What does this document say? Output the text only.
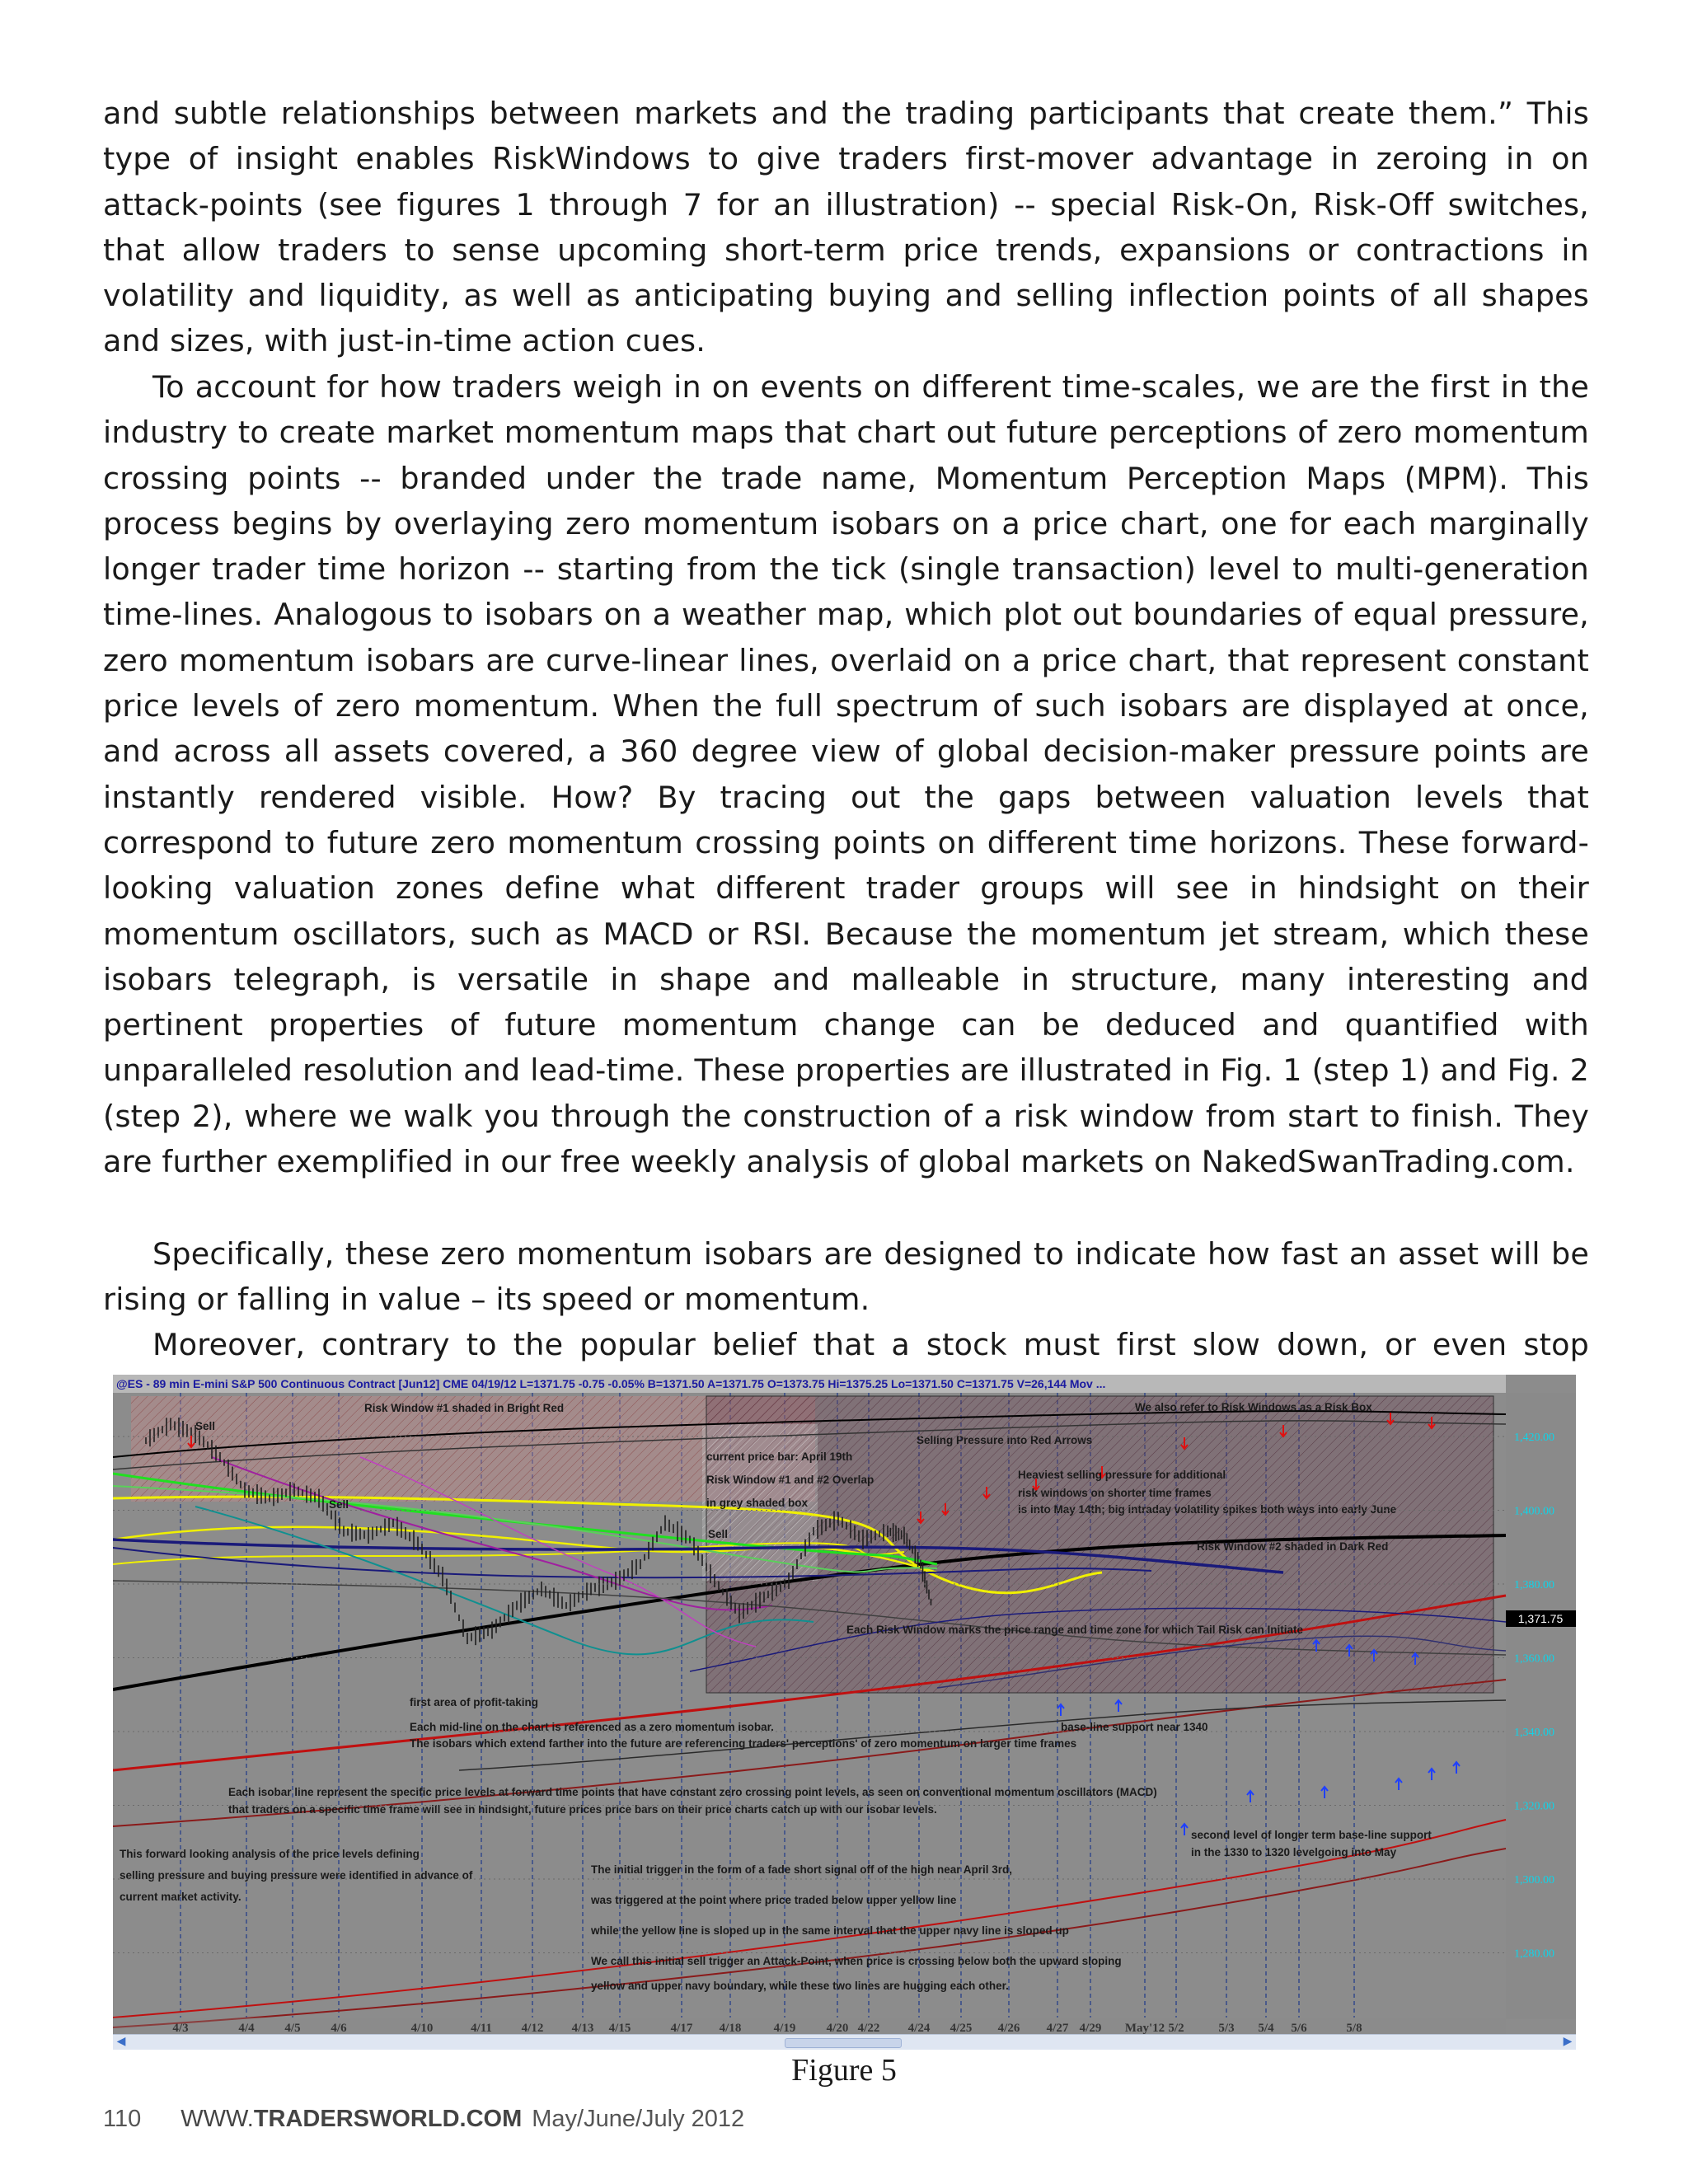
and subtle relationships between markets and the trading participants that create them.” This type of insight enables RiskWindows to give traders first-mover advantage in zeroing in on attack-points (see figures 1 through 7 for an illustration) -- special Risk-On, Risk-Off switches, that allow traders to sense upcoming short-term price trends, expansions or contractions in volatility and liquidity, as well as anticipating buying and selling inflection points of all shapes and sizes, with just-in-time action cues.

To account for how traders weigh in on events on different time-scales, we are the first in the industry to create market momentum maps that chart out future perceptions of zero momentum crossing points -- branded under the trade name, Momentum Perception Maps (MPM). This process begins by overlaying zero momentum isobars on a price chart, one for each marginally longer trader time horizon -- starting from the tick (single transaction) level to multi-generation time-lines. Analogous to isobars on a weather map, which plot out boundaries of equal pressure, zero momentum isobars are curve-linear lines, overlaid on a price chart, that represent constant price levels of zero momentum. When the full spectrum of such isobars are displayed at once, and across all assets covered, a 360 degree view of global decision-maker pressure points are instantly rendered visible. How? By tracing out the gaps between valuation levels that correspond to future zero momentum crossing points on different time horizons. These forward-looking valuation zones define what different trader groups will see in hindsight on their momentum oscillators, such as MACD or RSI. Because the momentum jet stream, which these isobars telegraph, is versatile in shape and malleable in structure, many interesting and pertinent properties of future momentum change can be deduced and quantified with unparalleled resolution and lead-time. These properties are illustrated in Fig. 1 (step 1) and Fig. 2 (step 2), where we walk you through the construction of a risk window from start to finish. They are further exemplified in our free weekly analysis of global markets on NakedSwanTrading.com.

Specifically, these zero momentum isobars are designed to indicate how fast an asset will be rising or falling in value – its speed or momentum.

Moreover, contrary to the popular belief that a stock must first slow down, or even stop

@ES - 89 min E-mini S&P 500 Continuous Contract [Jun12] CME 04/19/12 L=1371.75 -0.75 -0.05% B=1371.50 A=1371.75 O=1373.75 Hi=1375.25 Lo=1371.50 C=1371.75 V=26,144 Mov ...
Risk Window #1 shaded in Bright Red	We also refer to Risk Windows as a Risk Box
Sell
Sell
Sell
Selling Pressure into Red Arrows
current price bar: April 19th
Risk Window #1 and #2 Overlap
in grey shaded box
Heaviest selling pressure for additional
risk windows on shorter time frames
is into May 14th; big intraday volatility spikes both ways into early June
Risk Window #2 shaded in Dark Red
Each Risk Window marks the price range and time zone for which Tail Risk can Initiate
first area of profit-taking
Each mid-line on the chart is referenced as a zero momentum isobar.
The isobars which extend farther into the future are referencing traders' perceptions' of zero momentum on larger time frames
base-line support near 1340
Each isobar line represent the specific price levels at forward time points that have constant zero crossing point levels, as seen on conventional momentum oscillators (MACD)
that traders on a specific time frame will see in hindsight, future prices price bars on their price charts catch up with our isobar levels.
second level of longer term base-line support
in the 1330 to 1320 levelgoing into May
This forward looking analysis of the price levels defining
selling pressure and buying pressure were identified in advance of
current market activity.
The initial trigger in the form of a fade short signal off of the high near April 3rd,
was triggered at the point where price traded below upper yellow line
while the yellow line is sloped up in the same interval that the upper navy line is sloped up
We call this initial sell trigger an Attack-Point, when price is crossing below both the upward sloping
yellow and upper navy boundary, while these two lines are hugging each other.
1,420.00
1,400.00
1,380.00
1,360.00
1,340.00
1,320.00
1,300.00
1,280.00
1,371.75
4/3	4/4 4/5 4/6	4/10	4/11 4/12 4/13 4/15	4/17 4/18	4/19 4/20 4/22 4/24 4/25 4/26 4/27 4/29 May'12 5/2	5/3 5/4 5/6	5/8
◀	▶
Figure 5
110 WWW.TRADERSWORLD.COM May/June/July 2012
